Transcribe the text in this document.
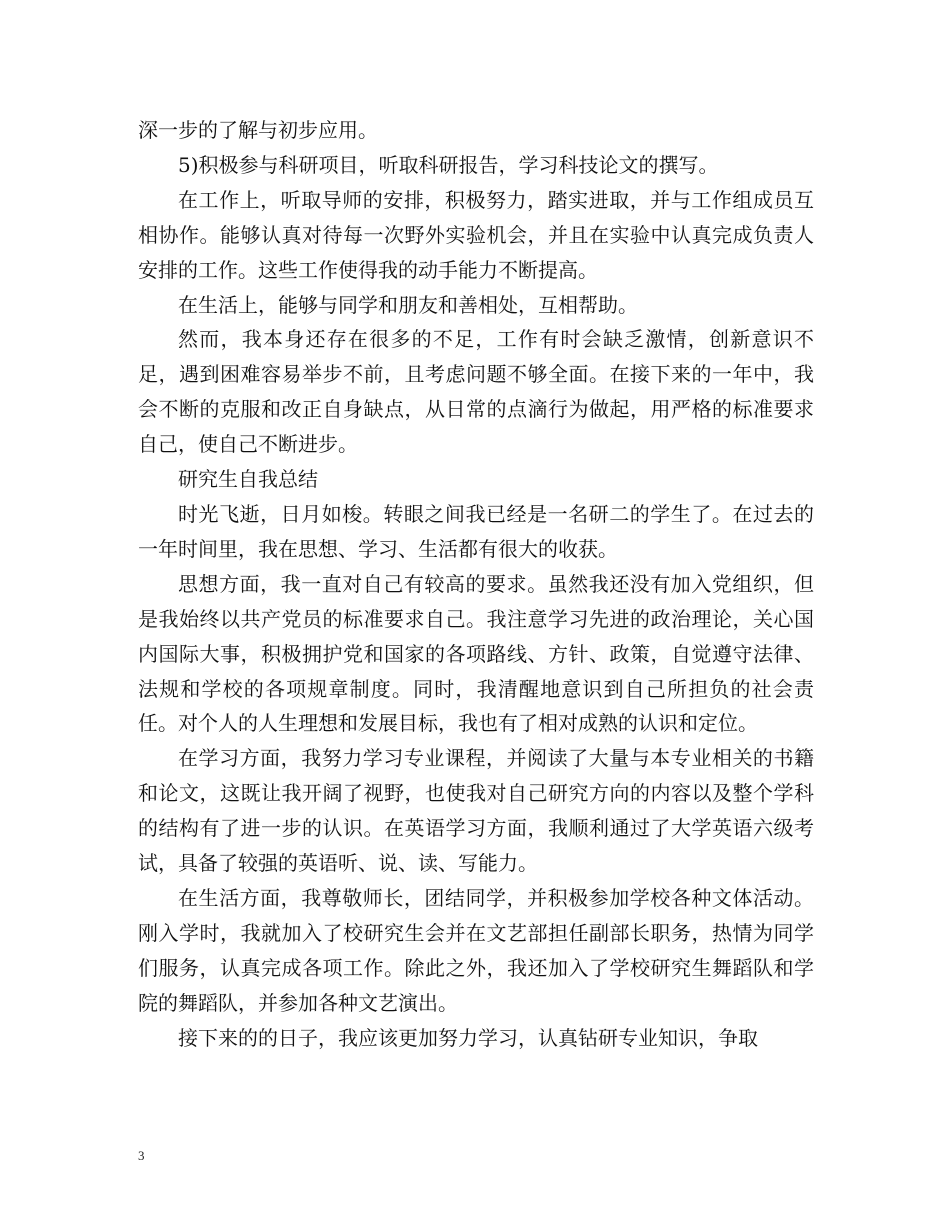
深一步的了解与初步应用。

5)积极参与科研项目，听取科研报告，学习科技论文的撰写。

在工作上，听取导师的安排，积极努力，踏实进取，并与工作组成员互相协作。能够认真对待每一次野外实验机会，并且在实验中认真完成负责人安排的工作。这些工作使得我的动手能力不断提高。

在生活上，能够与同学和朋友和善相处，互相帮助。

然而，我本身还存在很多的不足，工作有时会缺乏激情，创新意识不足，遇到困难容易举步不前，且考虑问题不够全面。在接下来的一年中，我会不断的克服和改正自身缺点，从日常的点滴行为做起，用严格的标准要求自己，使自己不断进步。

研究生自我总结

时光飞逝，日月如梭。转眼之间我已经是一名研二的学生了。在过去的一年时间里，我在思想、学习、生活都有很大的收获。

思想方面，我一直对自己有较高的要求。虽然我还没有加入党组织，但是我始终以共产党员的标准要求自己。我注意学习先进的政治理论，关心国内国际大事，积极拥护党和国家的各项路线、方针、政策，自觉遵守法律、法规和学校的各项规章制度。同时，我清醒地意识到自己所担负的社会责任。对个人的人生理想和发展目标，我也有了相对成熟的认识和定位。

在学习方面，我努力学习专业课程，并阅读了大量与本专业相关的书籍和论文，这既让我开阔了视野，也使我对自己研究方向的内容以及整个学科的结构有了进一步的认识。在英语学习方面，我顺利通过了大学英语六级考试，具备了较强的英语听、说、读、写能力。

在生活方面，我尊敬师长，团结同学，并积极参加学校各种文体活动。刚入学时，我就加入了校研究生会并在文艺部担任副部长职务，热情为同学们服务，认真完成各项工作。除此之外，我还加入了学校研究生舞蹈队和学院的舞蹈队，并参加各种文艺演出。

接下来的的日子，我应该更加努力学习，认真钻研专业知识，争取

3
